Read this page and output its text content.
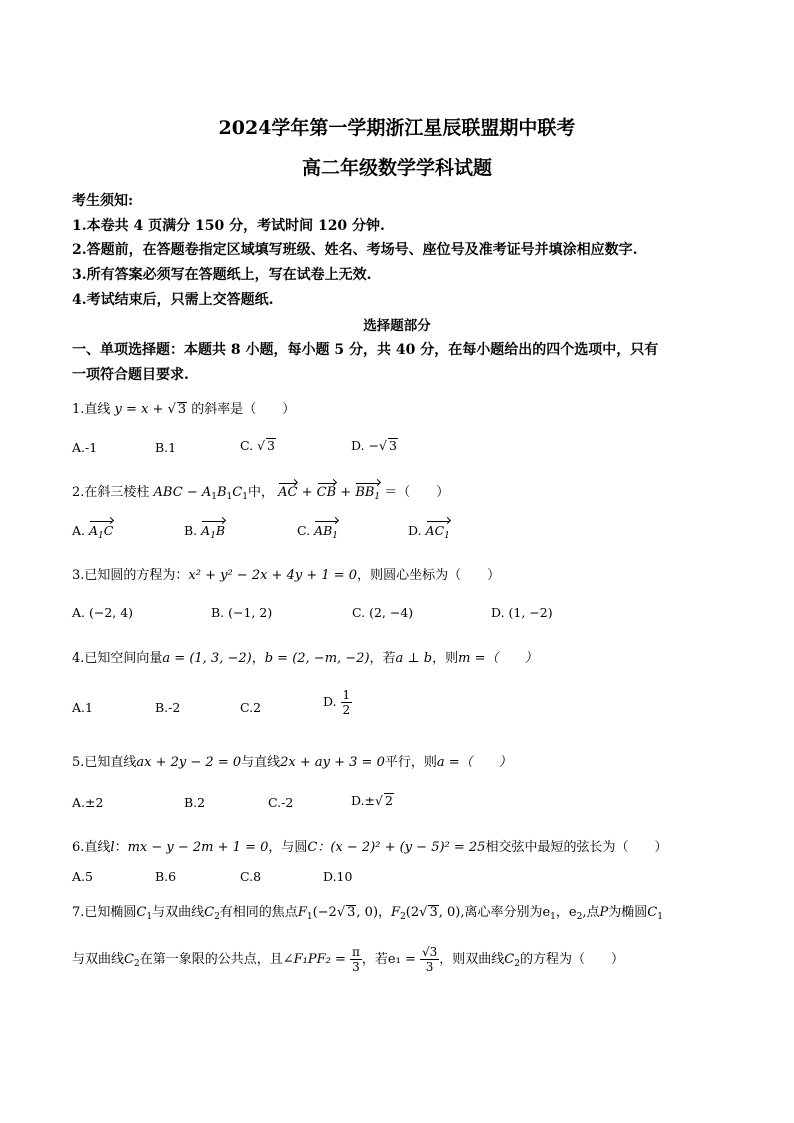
2024学年第一学期浙江星辰联盟期中联考
高二年级数学学科试题
考生须知:
1.本卷共 4 页满分 150 分，考试时间 120 分钟.
2.答题前，在答题卷指定区域填写班级、姓名、考场号、座位号及准考证号并填涂相应数字.
3.所有答案必须写在答题纸上，写在试卷上无效.
4.考试结束后，只需上交答题纸.
选择题部分
一、单项选择题：本题共 8 小题，每小题 5 分，共 40 分，在每小题给出的四个选项中，只有
一项符合题目要求.
1.直线 y = x + √ 3 的斜率是（　　）
A.-1	B.1	C. √ 3	D. −√ 3
2.在斜三棱柱 ABC − $A_1B_1C_1$中， AC + CB + $BB_1$ ＝（　　）
A. $A_1C$	B. $A_1B$	C. $AB_1$	D. $AC_1$
3.已知圆的方程为：x² + y² − 2x + 4y + 1 = 0，则圆心坐标为（　　）
A. (−2, 4)	B. (−1, 2)	C. (2, −4)	D. (1, −2)
4.已知空间向量a = (1, 3, −2)，b = (2, −m, −2)，若a ⊥ b，则m =（　　）
A.1	B.-2	C.2	D. $\frac{1}{2}$
5.已知直线ax + 2y − 2 = 0与直线2x + ay + 3 = 0平行，则a =（　　）
A.±2	B.2	C.-2	D.±√ 2
6.直线l：mx − y − 2m + 1 = 0，与圆C：(x − 2)² + (y − 5)² = 25相交弦中最短的弦长为（　　）
A.5	B.6	C.8	D.10
7.已知椭圆$C_1$与双曲线$C_2$有相同的焦点$F_1(-2√$ 3, 0)，$F_2(2√$ 3, 0),离心率分别为$e_1$，$e_2$,点P为椭圆$C_1$
与双曲线$C_2$在第一象限的公共点，且∠F₁PF₂ = $\frac{\pi}{3}$ ，若$e_1 = \frac{√3}{3}$ ，则双曲线$C_2$的方程为（　　）
